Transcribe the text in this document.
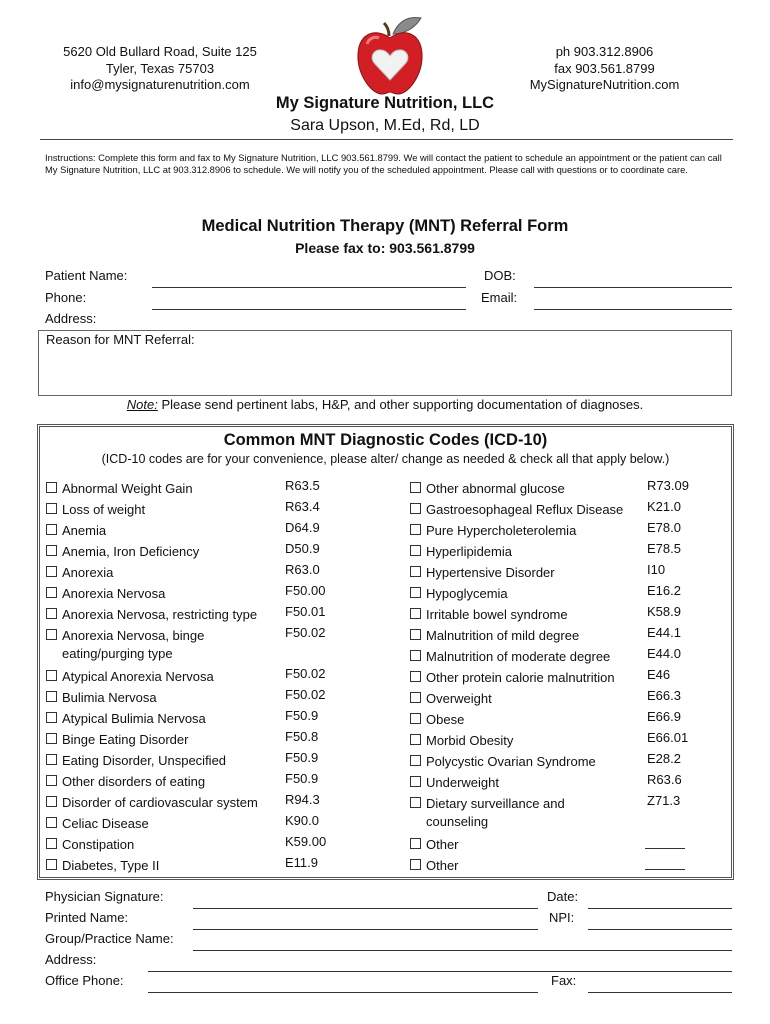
5620 Old Bullard Road, Suite 125
Tyler, Texas 75703
info@mysignaturenutrition.com
ph 903.312.8906
fax 903.561.8799
MySignatureNutrition.com
My Signature Nutrition, LLC
Sara Upson, M.Ed, Rd, LD
Instructions: Complete this form and fax to My Signature Nutrition, LLC 903.561.8799. We will contact the patient to schedule an appointment or the patient can call My Signature Nutrition, LLC at 903.312.8906 to schedule. We will notify you of the scheduled appointment. Please call with questions or to coordinate care.
Medical Nutrition Therapy (MNT) Referral Form
Please fax to: 903.561.8799
Patient Name:	DOB:
Phone:	Email:
Address:
Reason for MNT Referral:
Note: Please send pertinent labs, H&P, and other supporting documentation of diagnoses.
Common MNT Diagnostic Codes (ICD-10)
(ICD-10 codes are for your convenience, please alter/ change as needed & check all that apply below.)
Abnormal Weight Gain	R63.5
Loss of weight	R63.4
Anemia	D64.9
Anemia, Iron Deficiency	D50.9
Anorexia	R63.0
Anorexia Nervosa	F50.00
Anorexia Nervosa, restricting type F50.01
Anorexia Nervosa, binge
eating/purging type
F50.02
Atypical Anorexia Nervosa	F50.02
Bulimia Nervosa	F50.02
Atypical Bulimia Nervosa	F50.9
Binge Eating Disorder	F50.8
Eating Disorder, Unspecified	F50.9
Other disorders of eating	F50.9
Disorder of cardiovascular system R94.3
Celiac Disease	K90.0
Constipation	K59.00
Diabetes, Type II	E11.9
Other abnormal glucose	R73.09
Gastroesophageal Reflux Disease K21.0
Pure Hypercholeterolemia	E78.0
Hyperlipidemia	E78.5
Hypertensive Disorder	I10
Hypoglycemia	E16.2
Irritable bowel syndrome	K58.9
Malnutrition of mild degree	E44.1
Malnutrition of moderate degree	E44.0
Other protein calorie malnutrition E46
Overweight	E66.3
Obese	E66.9
Morbid Obesity	E66.01
Polycystic Ovarian Syndrome	E28.2
Underweight	R63.6
Dietary surveillance and
counseling
Z71.3
Other
Other
Physician Signature:	Date:
Printed Name:	NPI:
Group/Practice Name:
Address:
Office Phone:	Fax:
